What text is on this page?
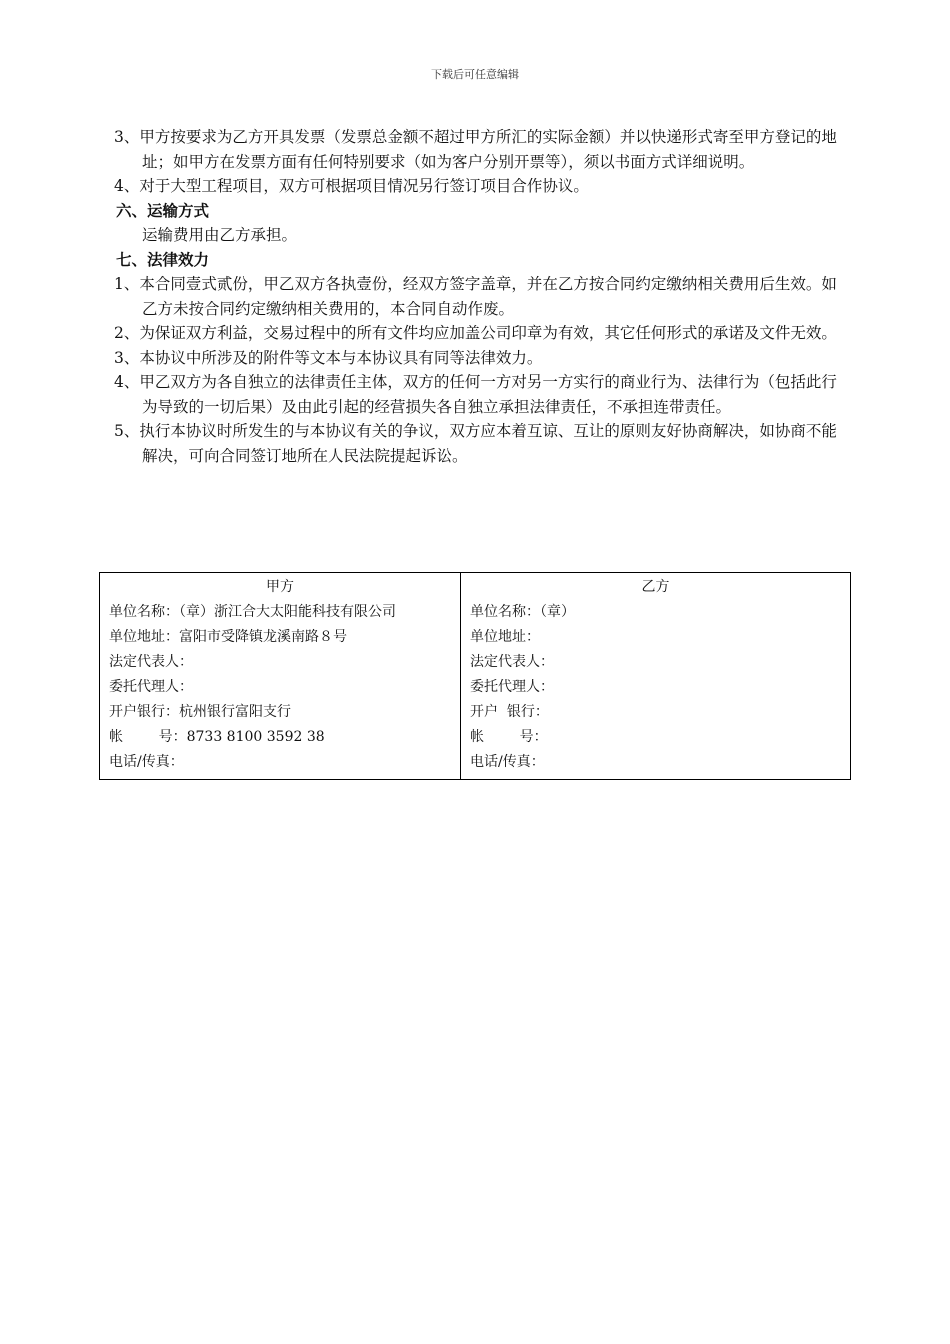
下载后可任意编辑

3、甲方按要求为乙方开具发票（发票总金额不超过甲方所汇的实际金额）并以快递形式寄至甲方登记的地址；如甲方在发票方面有任何特别要求（如为客户分别开票等），须以书面方式详细说明。

4、对于大型工程项目，双方可根据项目情况另行签订项目合作协议。

六、运输方式

运输费用由乙方承担。

七、法律效力

1、本合同壹式贰份，甲乙双方各执壹份，经双方签字盖章，并在乙方按合同约定缴纳相关费用后生效。如乙方未按合同约定缴纳相关费用的，本合同自动作废。

2、为保证双方利益，交易过程中的所有文件均应加盖公司印章为有效，其它任何形式的承诺及文件无效。

3、本协议中所涉及的附件等文本与本协议具有同等法律效力。

4、甲乙双方为各自独立的法律责任主体，双方的任何一方对另一方实行的商业行为、法律行为（包括此行为导致的一切后果）及由此引起的经营损失各自独立承担法律责任，不承担连带责任。

5、执行本协议时所发生的与本协议有关的争议，双方应本着互谅、互让的原则友好协商解决，如协商不能解决，可向合同签订地所在人民法院提起诉讼。

甲方
单位名称：（章）浙江合大太阳能科技有限公司
单位地址：富阳市受降镇龙溪南路８号
法定代表人：
委托代理人：
开户银行：杭州银行富阳支行
帐        号：8733 8100 3592 38
电话/传真：

乙方
单位名称：（章）
单位地址：
法定代表人：
委托代理人：
开户  银行：
帐        号：
电话/传真：
